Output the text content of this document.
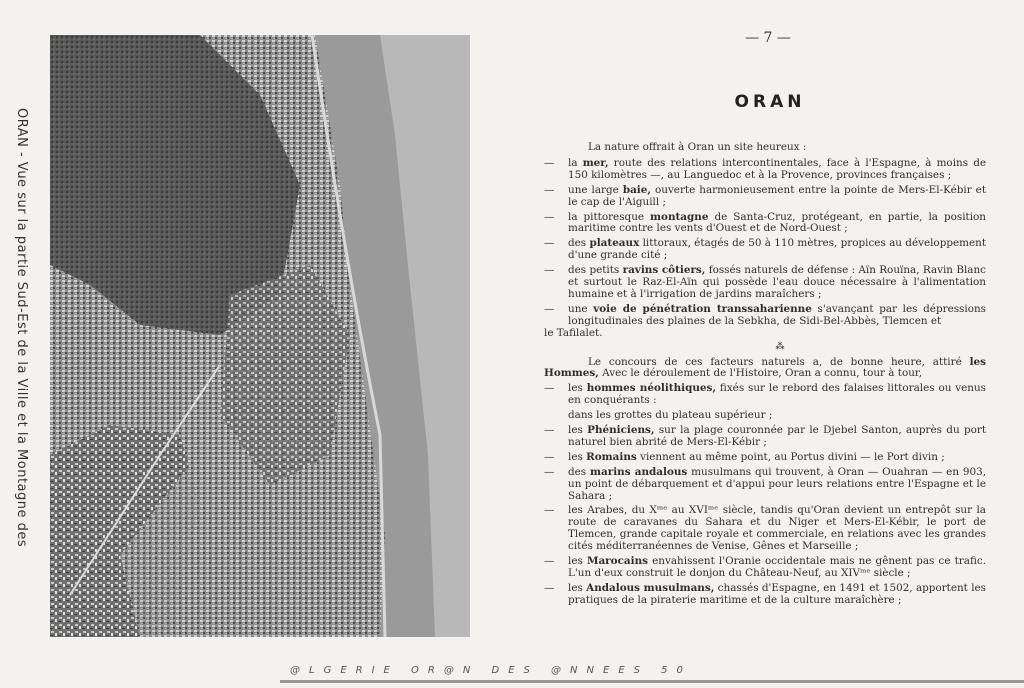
ORAN - Vue sur la partie Sud-Est de la Ville et la Montagne des
— 7 —
ORAN
La nature offrait à Oran un site heureux :
— la mer, route des relations intercontinentales, face à l'Espagne, à moins de 150 kilomètres —, au Languedoc et à la Provence, provinces françaises ;
— une large baie, ouverte harmonieusement entre la pointe de Mers-El-Kébir et le cap de l'Aiguill ;
— la pittoresque montagne de Santa-Cruz, protégeant, en partie, la position maritime contre les vents d'Ouest et de Nord-Ouest ;
— des plateaux littoraux, étagés de 50 à 110 mètres, propices au développement d'une grande cité ;
— des petits ravins côtiers, fossés naturels de défense : Aïn Rouïna, Ravin Blanc et surtout le Raz-El-Aïn qui possède l'eau douce nécessaire à l'alimentation humaine et à l'irrigation de jardins maraîchers ;
— une voie de pénétration transsaharienne s'avançant par les dépressions longitudinales des plaines de la Sebkha, de Sidi-Bel-Abbès, Tlemcen et
le Tafilalet.
⁂
Le concours de ces facteurs naturels a, de bonne heure, attiré les Hommes, Avec le déroulement de l'Histoire, Oran a connu, tour à tour,
— les hommes néolithiques, fixés sur le rebord des falaises littorales ou venus en conquérants :
dans les grottes du plateau supérieur ;
— les Phéniciens, sur la plage couronnée par le Djebel Santon, auprès du port naturel bien abrité de Mers-El-Kébir ;
— les Romains viennent au même point, au Portus divini — le Port divin ;
— des marins andalous musulmans qui trouvent, à Oran — Ouahran — en 903, un point de débarquement et d'appui pour leurs relations entre l'Espagne et le Sahara ;
— les Arabes, du Xᵐᵉ au XVIᵐᵉ siècle, tandis qu'Oran devient un entrepôt sur la route de caravanes du Sahara et du Niger et Mers-El-Kébir, le port de Tlemcen, grande capitale royale et commerciale, en relations avec les grandes cités méditerranéennes de Venise, Gênes et Marseille ;
— les Marocains envahissent l'Oranie occidentale mais ne gênent pas ce trafic. L'un d'eux construit le donjon du Château-Neuf, au XIVᵐᵉ siècle ;
— les Andalous musulmans, chassés d'Espagne, en 1491 et 1502, apportent les pratiques de la piraterie maritime et de la culture maraîchère ;
@LGERIE OR@N DES @NNEES 50
